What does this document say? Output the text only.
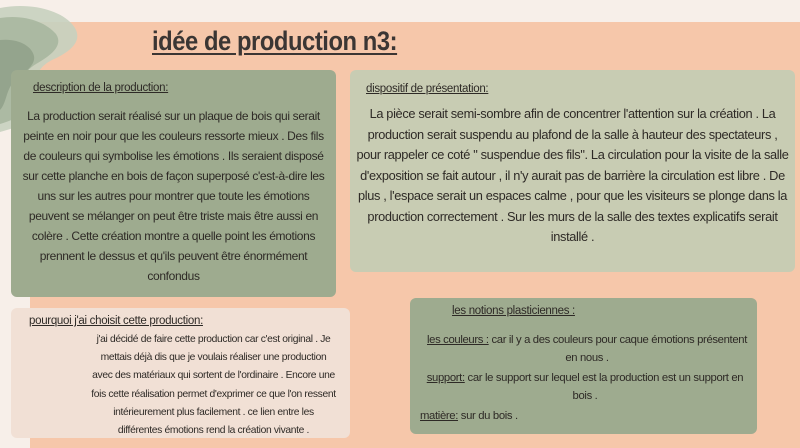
idée de production n3:
description de la production:
La production serait réalisé sur un plaque de bois qui serait peinte en noir pour que les couleurs ressorte mieux . Des fils de couleurs qui symbolise les émotions . Ils seraient disposé sur cette planche en bois de façon superposé c'est-à-dire les uns sur les autres pour montrer que toute les émotions peuvent se mélanger on peut être triste mais être aussi en colère . Cette création montre a quelle point les émotions prennent le dessus et qu'ils peuvent être énormément confondus
dispositif de présentation:
La pièce serait semi-sombre afin de concentrer l'attention sur la création . La production serait suspendu au plafond de la salle à hauteur des spectateurs , pour rappeler ce coté " suspendue des fils". La circulation pour la visite de la salle d'exposition se fait autour , il n'y aurait pas de barrière la circulation est libre . De plus , l'espace serait un espaces calme , pour que les visiteurs se plonge dans la production correctement . Sur les murs de la salle des textes explicatifs serait installé .
pourquoi j'ai choisit cette production:
j'ai décidé de faire cette production car c'est original . Je mettais déjà dis que je voulais réaliser une production avec des matériaux qui sortent de l'ordinaire . Encore une fois cette réalisation permet d'exprimer ce que l'on ressent intérieurement plus facilement . ce lien entre les différentes émotions rend la création vivante .
les notions plasticiennes :
les couleurs : car il y a des couleurs pour caque émotions présentent en nous .
support: car le support sur lequel est la production est un support en bois .
matière: sur du bois .
